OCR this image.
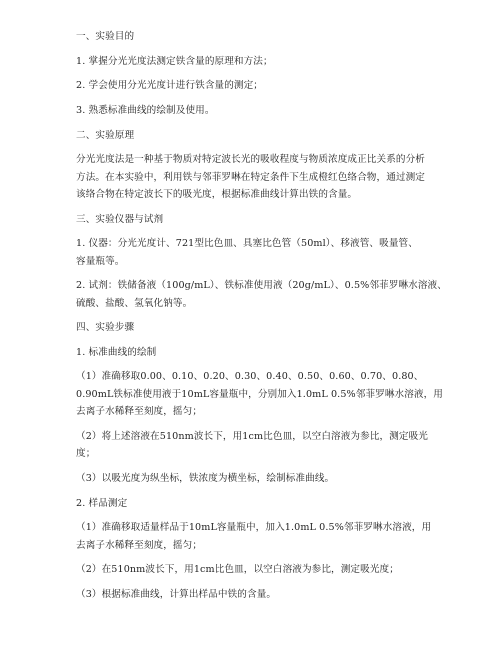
一、实验目的
1. 掌握分光光度法测定铁含量的原理和方法；
2. 学会使用分光光度计进行铁含量的测定；
3. 熟悉标准曲线的绘制及使用。
二、实验原理
分光光度法是一种基于物质对特定波长光的吸收程度与物质浓度成正比关系的分析
方法。在本实验中，利用铁与邻菲罗啉在特定条件下生成橙红色络合物，通过测定
该络合物在特定波长下的吸光度，根据标准曲线计算出铁的含量。
三、实验仪器与试剂
1. 仪器：分光光度计、721型比色皿、具塞比色管（50ml）、移液管、吸量管、
容量瓶等。
2. 试剂：铁储备液（100g/mL）、铁标准使用液（20g/mL）、0.5%邻菲罗啉水溶液、
硫酸、盐酸、氢氧化钠等。
四、实验步骤
1. 标准曲线的绘制
（1）准确移取0.00、0.10、0.20、0.30、0.40、0.50、0.60、0.70、0.80、
0.90mL铁标准使用液于10mL容量瓶中，分别加入1.0mL 0.5%邻菲罗啉水溶液，用
去离子水稀释至刻度，摇匀；
（2）将上述溶液在510nm波长下，用1cm比色皿，以空白溶液为参比，测定吸光
度；
（3）以吸光度为纵坐标，铁浓度为横坐标，绘制标准曲线。
2. 样品测定
（1）准确移取适量样品于10mL容量瓶中，加入1.0mL 0.5%邻菲罗啉水溶液，用
去离子水稀释至刻度，摇匀；
（2）在510nm波长下，用1cm比色皿，以空白溶液为参比，测定吸光度；
（3）根据标准曲线，计算出样品中铁的含量。
